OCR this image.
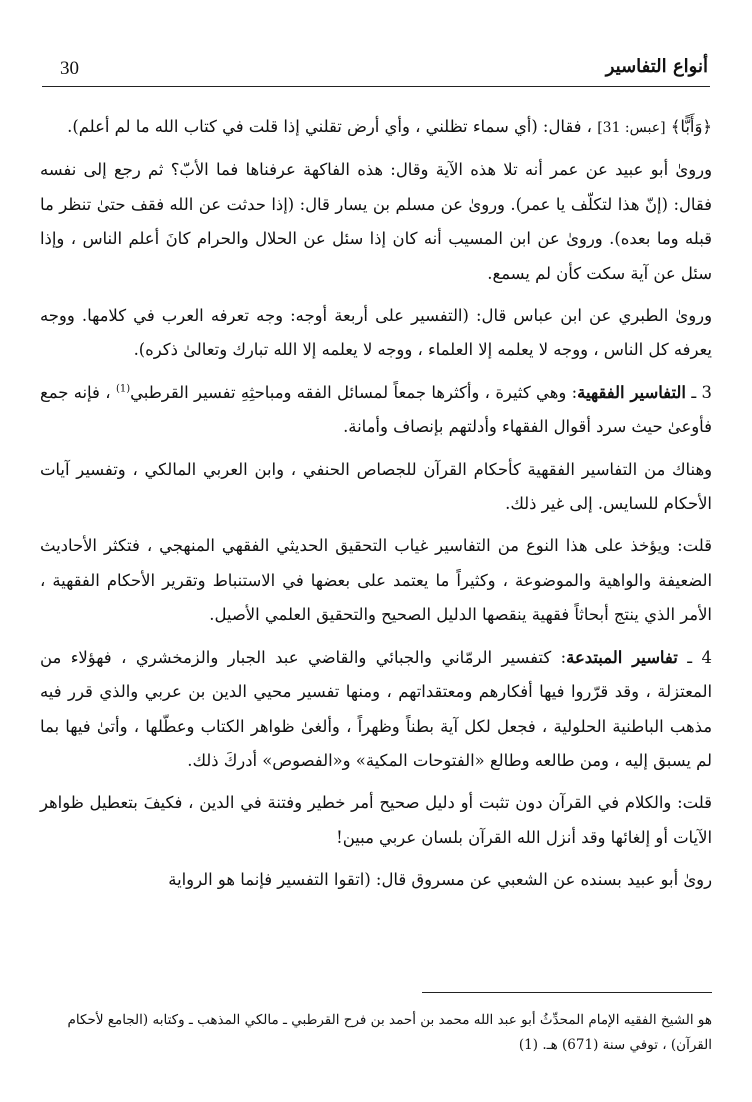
30	أنواع التفاسير

﴿وَأَبًّا﴾ [عبس: 31] ، فقال: (أي سماء تظلني ، وأي أرض تقلني إذا قلت في كتاب الله ما لم أعلم).

وروىٰ أبو عبيد عن عمر أنه تلا هذه الآية وقال: هذه الفاكهة عرفناها فما الأبّ؟ ثم رجع إلى نفسه فقال: (إنّ هذا لتكلّف يا عمر). وروىٰ عن مسلم بن يسار قال: (إذا حدثت عن الله فقف حتىٰ تنظر ما قبله وما بعده). وروىٰ عن ابن المسيب أنه كان إذا سئل عن الحلال والحرام كانَ أعلم الناس ، وإذا سئل عن آية سكت كأن لم يسمع.

وروىٰ الطبري عن ابن عباس قال: (التفسير على أربعة أوجه: وجه تعرفه العرب في كلامها. ووجه يعرفه كل الناس ، ووجه لا يعلمه إلا العلماء ، ووجه لا يعلمه إلا الله تبارك وتعالىٰ ذكره).

3 ـ التفاسير الفقهية: وهي كثيرة ، وأكثرها جمعاً لمسائل الفقه ومباحثِهِ تفسير القرطبي$^{(1)}$ ، فإنه جمع فأوعىٰ حيث سرد أقوال الفقهاء وأدلتهم بإنصاف وأمانة.

وهناك من التفاسير الفقهية كأحكام القرآن للجصاص الحنفي ، وابن العربي المالكي ، وتفسير آيات الأحكام للسايس. إلى غير ذلك.

قلت: ويؤخذ على هذا النوع من التفاسير غياب التحقيق الحديثي الفقهي المنهجي ، فتكثر الأحاديث الضعيفة والواهية والموضوعة ، وكثيراً ما يعتمد على بعضها في الاستنباط وتقرير الأحكام الفقهية ، الأمر الذي ينتج أبحاثاً فقهية ينقصها الدليل الصحيح والتحقيق العلمي الأصيل.

4 ـ تفاسير المبتدعة: كتفسير الرمّاني والجبائي والقاضي عبد الجبار والزمخشري ، فهؤلاء من المعتزلة ، وقد قرّروا فيها أفكارهم ومعتقداتهم ، ومنها تفسير محيي الدين بن عربي والذي قرر فيه مذهب الباطنية الحلولية ، فجعل لكل آية بطناً وظهراً ، وألغىٰ ظواهر الكتاب وعطّلها ، وأتىٰ فيها بما لم يسبق إليه ، ومن طالعه وطالع «الفتوحات المكية» و«الفصوص» أدركَ ذلك.

قلت: والكلام في القرآن دون تثبت أو دليل صحيح أمر خطير وفتنة في الدين ، فكيفَ بتعطيل ظواهر الآيات أو إلغائها وقد أنزل الله القرآن بلسان عربي مبين!

روىٰ أبو عبيد بسنده عن الشعبي عن مسروق قال: (اتقوا التفسير فإنما هو الرواية

هو الشيخ الفقيه الإمام المحدِّثُ أبو عبد الله محمد بن أحمد بن فرح القرطبي ـ مالكي المذهب ـ وكتابه (الجامع لأحكام القرآن) ، توفي سنة (671) هـ. (1)
